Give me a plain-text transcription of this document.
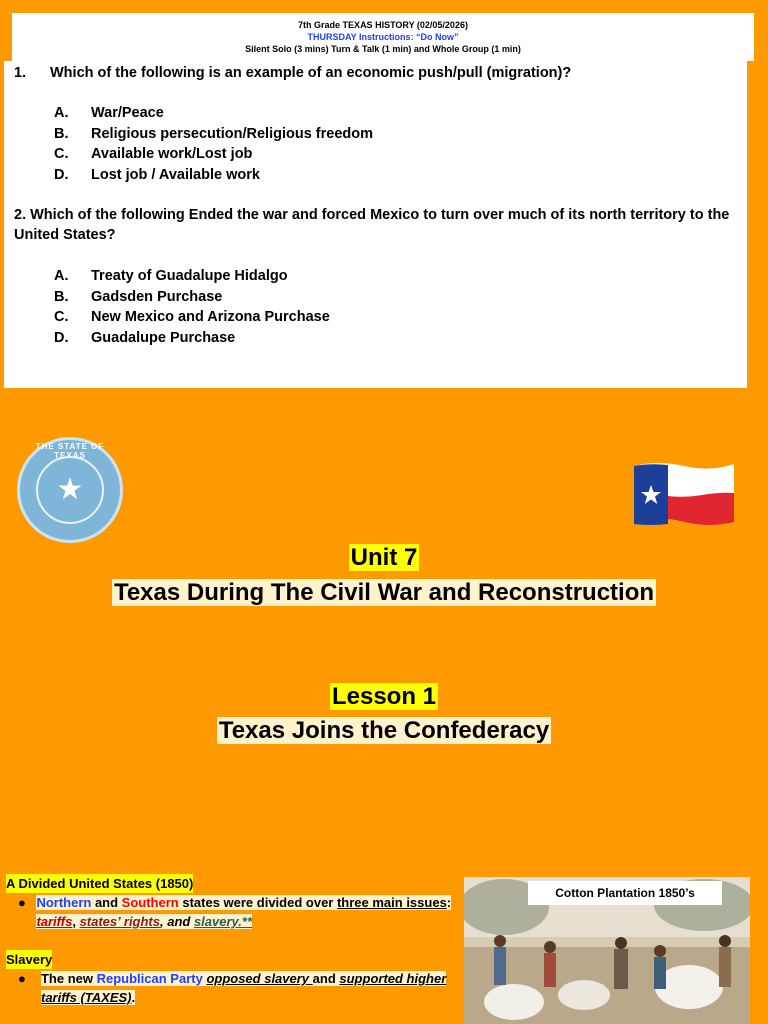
7th Grade TEXAS HISTORY (02/05/2026)
THURSDAY Instructions: “Do Now”
Silent Solo (3 mins) Turn & Talk (1 min) and Whole Group (1 min)
1. Which of the following is an example of an economic push/pull (migration)?
A.	War/Peace
B.	Religious persecution/Religious freedom
C.	Available work/Lost job
D.	Lost job / Available work
2. Which of the following Ended the war and forced Mexico to turn over much of its north territory to the United States?
A.	Treaty of Guadalupe Hidalgo
B.	Gadsden Purchase
C.	New Mexico and Arizona Purchase
D.	Guadalupe Purchase
THE STATE OF TEXAS
★
Unit 7
Texas During The Civil War and Reconstruction
Lesson 1
Texas Joins the Confederacy
A Divided United States (1850)
● Northern and Southern states were divided over three main issues: tariffs, states’ rights, and slavery.**
Slavery
●	The new Republican Party opposed slavery and supported higher tariffs (TAXES).
Cotton Plantation 1850’s
